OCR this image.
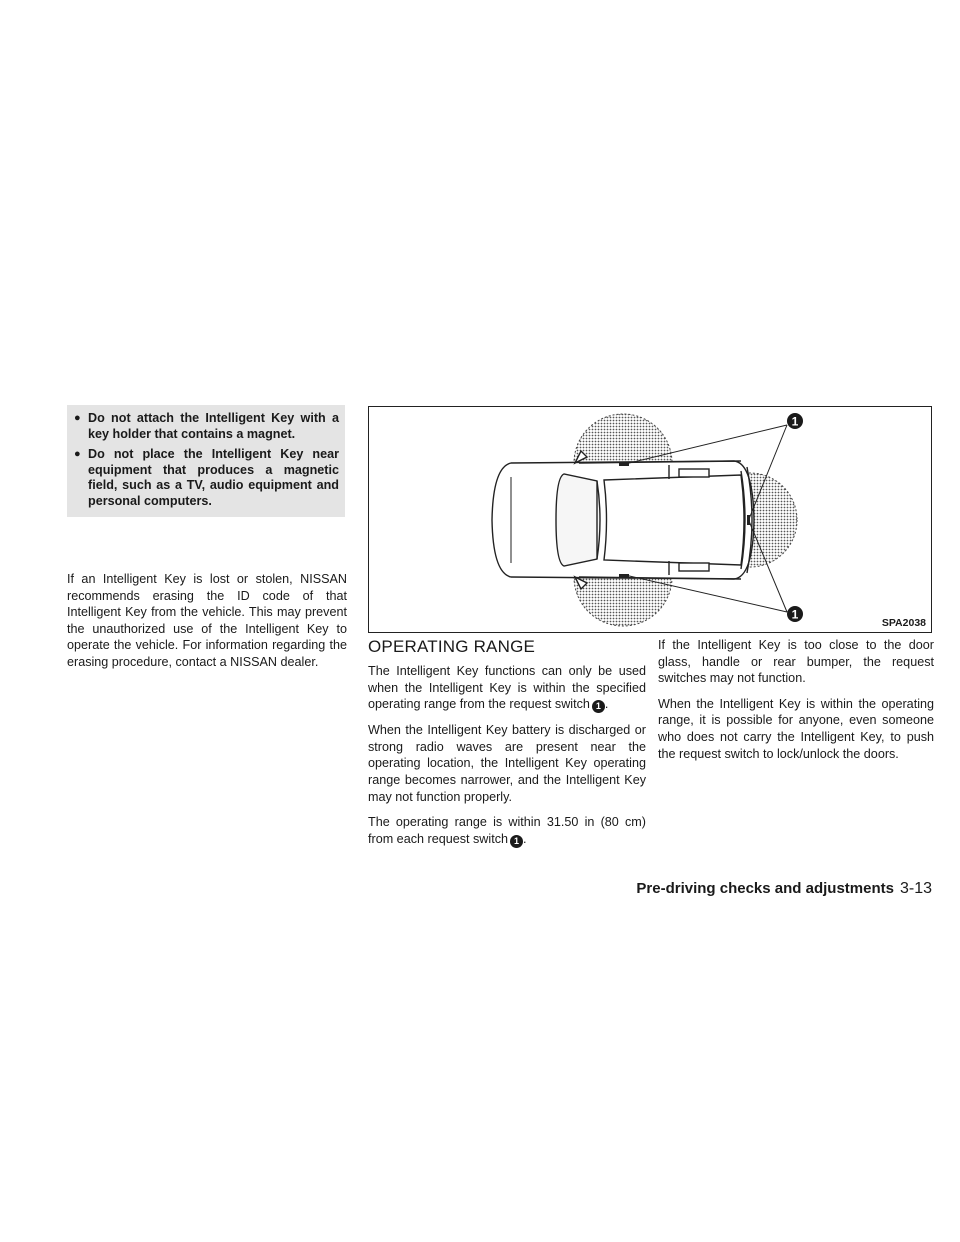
● Do not attach the Intelligent Key with a key holder that contains a magnet.
● Do not place the Intelligent Key near equipment that produces a magnetic field, such as a TV, audio equipment and personal computers.

If an Intelligent Key is lost or stolen, NISSAN recommends erasing the ID code of that Intelligent Key from the vehicle. This may prevent the unauthorized use of the Intelligent Key to operate the vehicle. For information regarding the erasing procedure, contact a NISSAN dealer.

1
1
SPA2038
OPERATING RANGE

The Intelligent Key functions can only be used when the Intelligent Key is within the specified operating range from the request switch 1 .

When the Intelligent Key battery is discharged or strong radio waves are present near the operating location, the Intelligent Key operating range becomes narrower, and the Intelligent Key may not function properly.

The operating range is within 31.50 in (80 cm) from each request switch 1 .

If the Intelligent Key is too close to the door glass, handle or rear bumper, the request switches may not function.

When the Intelligent Key is within the operating range, it is possible for anyone, even someone who does not carry the Intelligent Key, to push the request switch to lock/unlock the doors.

Pre-driving checks and adjustments 3-13
